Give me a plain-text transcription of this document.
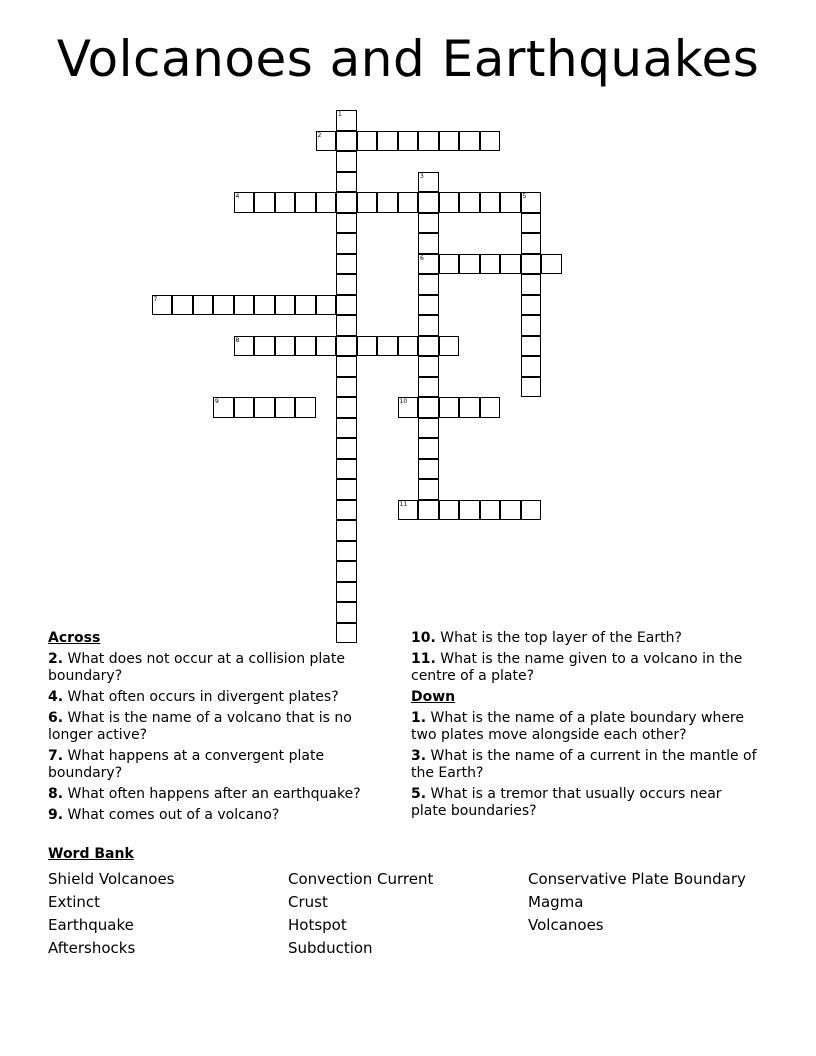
Volcanoes and Earthquakes
1
2
3
6
4	5
7
8
9	10
11
Across
2. What does not occur at a collision plate boundary?
4. What often occurs in divergent plates?
6. What is the name of a volcano that is no longer active?
7. What happens at a convergent plate boundary?
8. What often happens after an earthquake?
9. What comes out of a volcano?
10. What is the top layer of the Earth?
11. What is the name given to a volcano in the centre of a plate?
Down
1. What is the name of a plate boundary where two plates move alongside each other?
3. What is the name of a current in the mantle of the Earth?
5. What is a tremor that usually occurs near plate boundaries?
Word Bank
Shield Volcanoes
Extinct
Earthquake
Aftershocks
Convection Current
Crust
Hotspot
Subduction
Conservative Plate Boundary
Magma
Volcanoes
